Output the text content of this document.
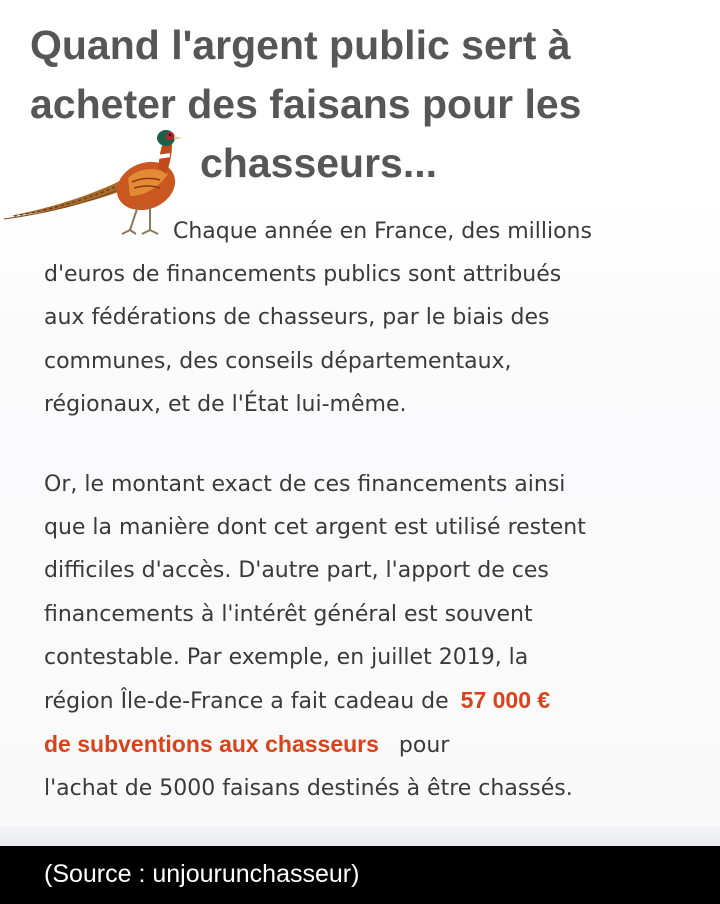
Quand l'argent public sert à
acheter des faisans pour les
chasseurs...

Chaque année en France, des millions
d'euros de financements publics sont attribués
aux fédérations de chasseurs, par le biais des
communes, des conseils départementaux,
régionaux, et de l'État lui-même.

Or, le montant exact de ces financements ainsi
que la manière dont cet argent est utilisé restent
difficiles d'accès. D'autre part, l'apport de ces
financements à l'intérêt général est souvent
contestable. Par exemple, en juillet 2019, la
région Île-de-France a fait cadeau de 57 000 €
de subventions aux chasseurs pour
l'achat de 5000 faisans destinés à être chassés.

(Source : unjourunchasseur)
